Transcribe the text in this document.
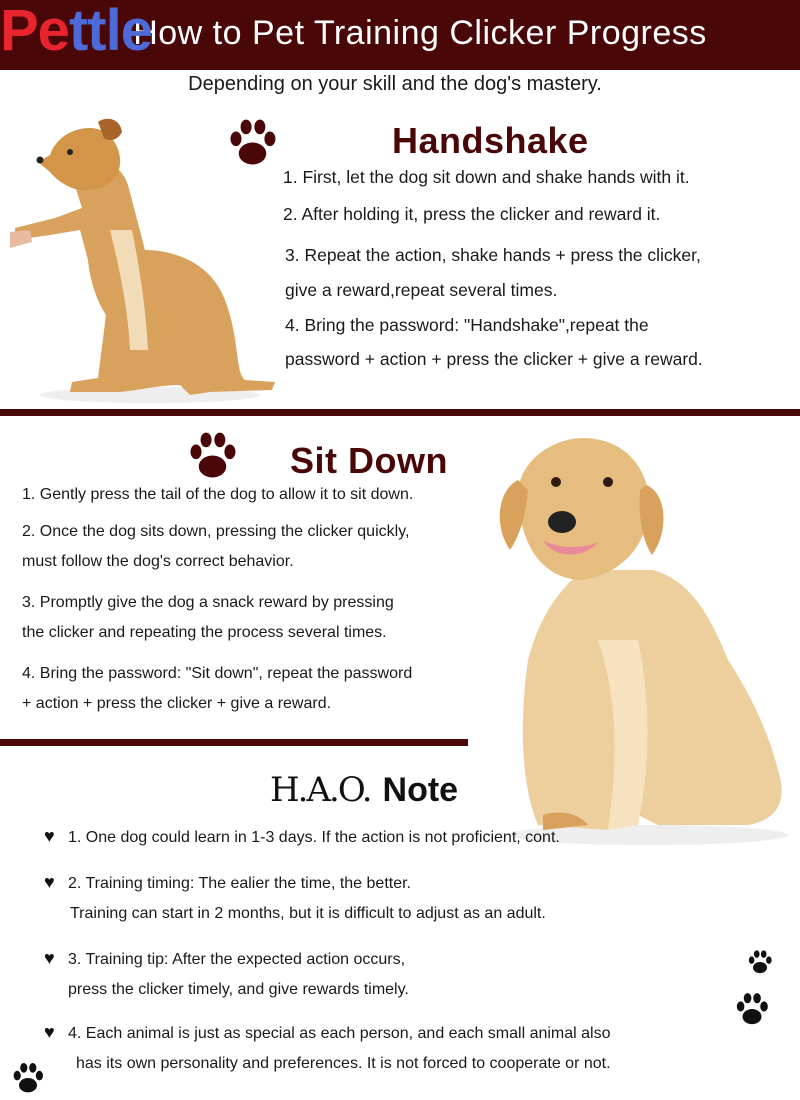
How to Pet Training Clicker Progress
Pettle
Depending on your skill and the dog's mastery.
Handshake
1. First, let the dog sit down and shake hands with it.
2. After holding it, press the clicker and reward it.
3. Repeat the action, shake hands + press the clicker,
give a reward,repeat several times.
4. Bring the password: "Handshake",repeat the
password + action + press the clicker + give a reward.
Sit Down
1. Gently press the tail of the dog to allow it to sit down.
2. Once the dog sits down, pressing the clicker quickly,
must follow the dog's correct behavior.
3. Promptly give the dog a snack reward by pressing
the clicker and repeating the process several times.
4. Bring the password: "Sit down", repeat the password
+ action + press the clicker + give a reward.
H.A.O. Note
♥ 1. One dog could learn in 1-3 days. If the action is not proficient, cont.
♥ 2. Training timing: The ealier the time, the better.
Training can start in 2 months, but it is difficult to adjust as an adult.
♥ 3. Training tip: After the expected action occurs,
press the clicker timely, and give rewards timely.
♥ 4. Each animal is just as special as each person, and each small animal also
has its own personality and preferences. It is not forced to cooperate or not.
